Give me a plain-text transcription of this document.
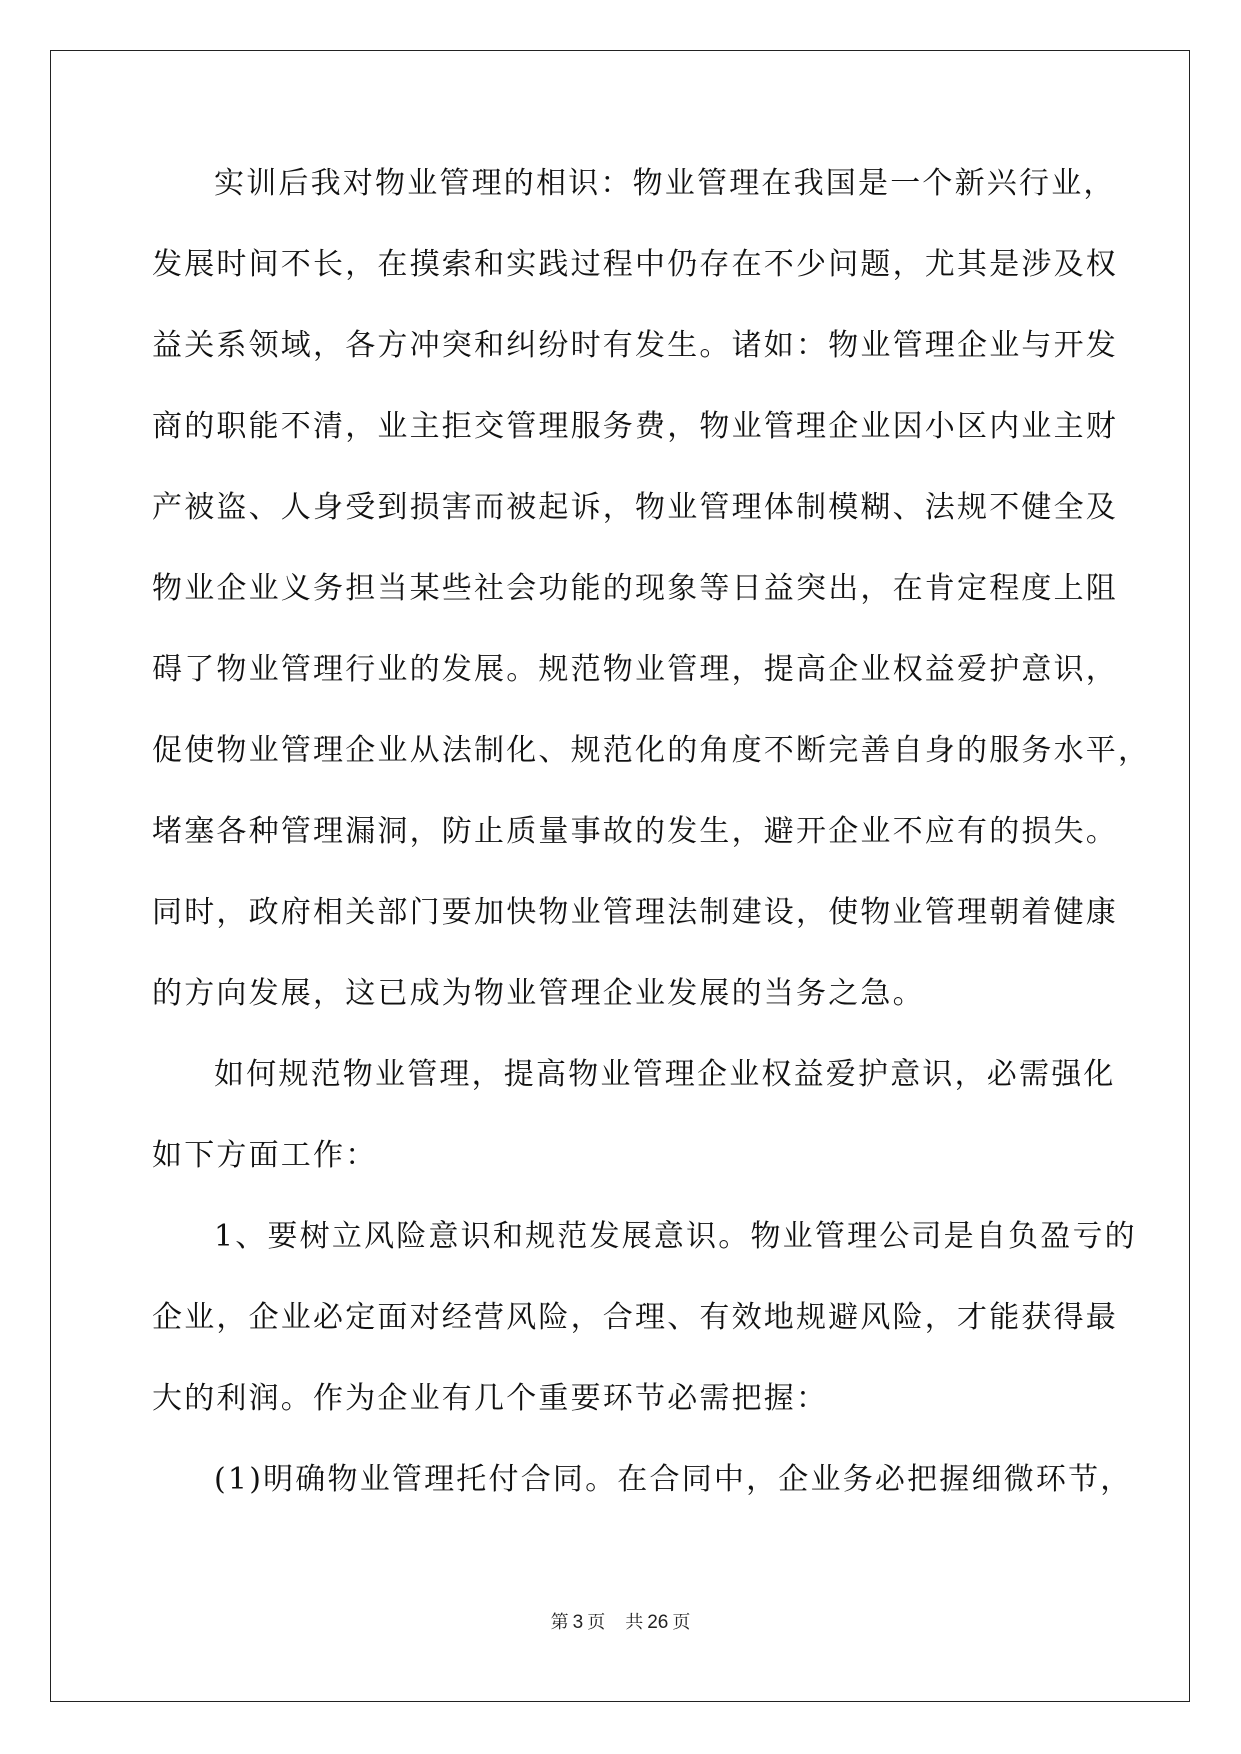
实训后我对物业管理的相识：物业管理在我国是一个新兴行业，
发展时间不长，在摸索和实践过程中仍存在不少问题，尤其是涉及权
益关系领域，各方冲突和纠纷时有发生。诸如：物业管理企业与开发
商的职能不清，业主拒交管理服务费，物业管理企业因小区内业主财
产被盗、人身受到损害而被起诉，物业管理体制模糊、法规不健全及
物业企业义务担当某些社会功能的现象等日益突出，在肯定程度上阻
碍了物业管理行业的发展。规范物业管理，提高企业权益爱护意识，
促使物业管理企业从法制化、规范化的角度不断完善自身的服务水平，
堵塞各种管理漏洞，防止质量事故的发生，避开企业不应有的损失。
同时，政府相关部门要加快物业管理法制建设，使物业管理朝着健康
的方向发展，这已成为物业管理企业发展的当务之急。
如何规范物业管理，提高物业管理企业权益爱护意识，必需强化
如下方面工作：
1、要树立风险意识和规范发展意识。物业管理公司是自负盈亏的
企业，企业必定面对经营风险，合理、有效地规避风险，才能获得最
大的利润。作为企业有几个重要环节必需把握：
(1)明确物业管理托付合同。在合同中，企业务必把握细微环节，
第 3 页 共 26 页
